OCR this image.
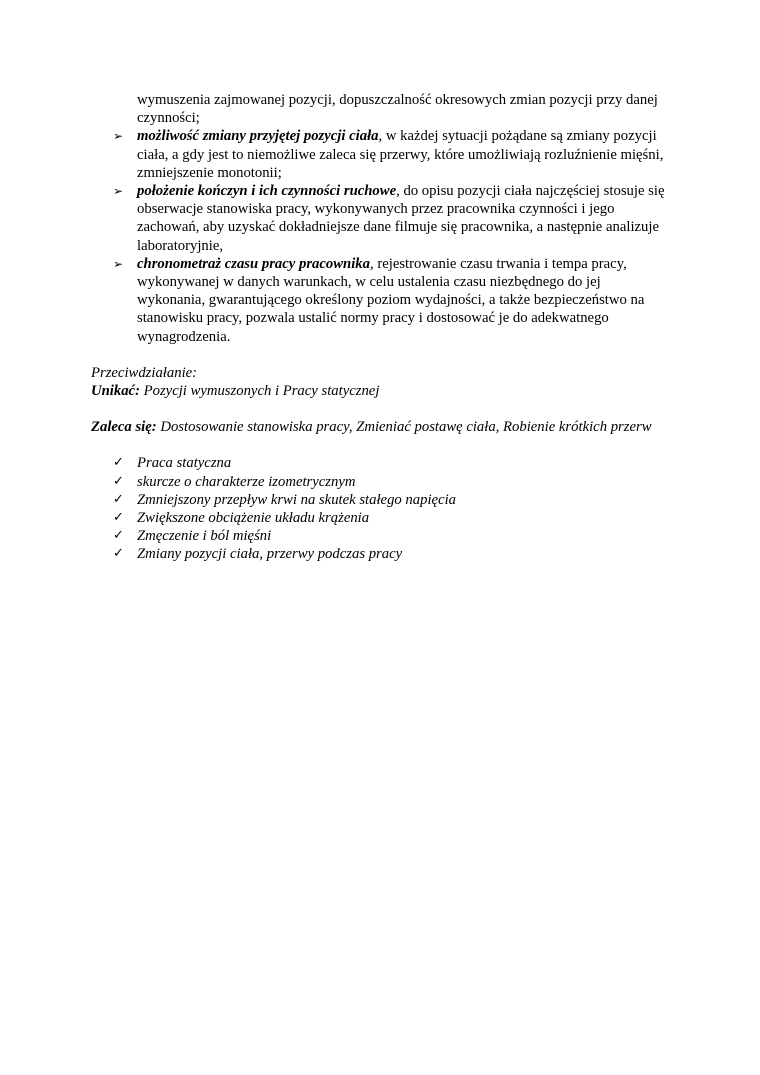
wymuszenia zajmowanej pozycji, dopuszczalność okresowych zmian pozycji przy danej czynności;

➢ możliwość zmiany przyjętej pozycji ciała, w każdej sytuacji pożądane są zmiany pozycji ciała, a gdy jest to niemożliwe zaleca się przerwy, które umożliwiają rozluźnienie mięśni, zmniejszenie monotonii;
➢ położenie kończyn i ich czynności ruchowe, do opisu pozycji ciała najczęściej stosuje się obserwacje stanowiska pracy, wykonywanych przez pracownika czynności i jego zachowań, aby uzyskać dokładniejsze dane filmuje się pracownika, a następnie analizuje laboratoryjnie,
➢ chronometraż czasu pracy pracownika, rejestrowanie czasu trwania i tempa pracy, wykonywanej w danych warunkach, w celu ustalenia czasu niezbędnego do jej wykonania, gwarantującego określony poziom wydajności, a także bezpieczeństwo na stanowisku pracy, pozwala ustalić normy pracy i dostosować je do adekwatnego wynagrodzenia.

Przeciwdziałanie:

Unikać: Pozycji wymuszonych i Pracy statycznej

Zaleca się: Dostosowanie stanowiska pracy, Zmieniać postawę ciała, Robienie krótkich przerw

✓ Praca statyczna
✓ skurcze o charakterze izometrycznym
✓ Zmniejszony przepływ krwi na skutek stałego napięcia
✓ Zwiększone obciążenie układu krążenia
✓ Zmęczenie i ból mięśni
✓ Zmiany pozycji ciała, przerwy podczas pracy
